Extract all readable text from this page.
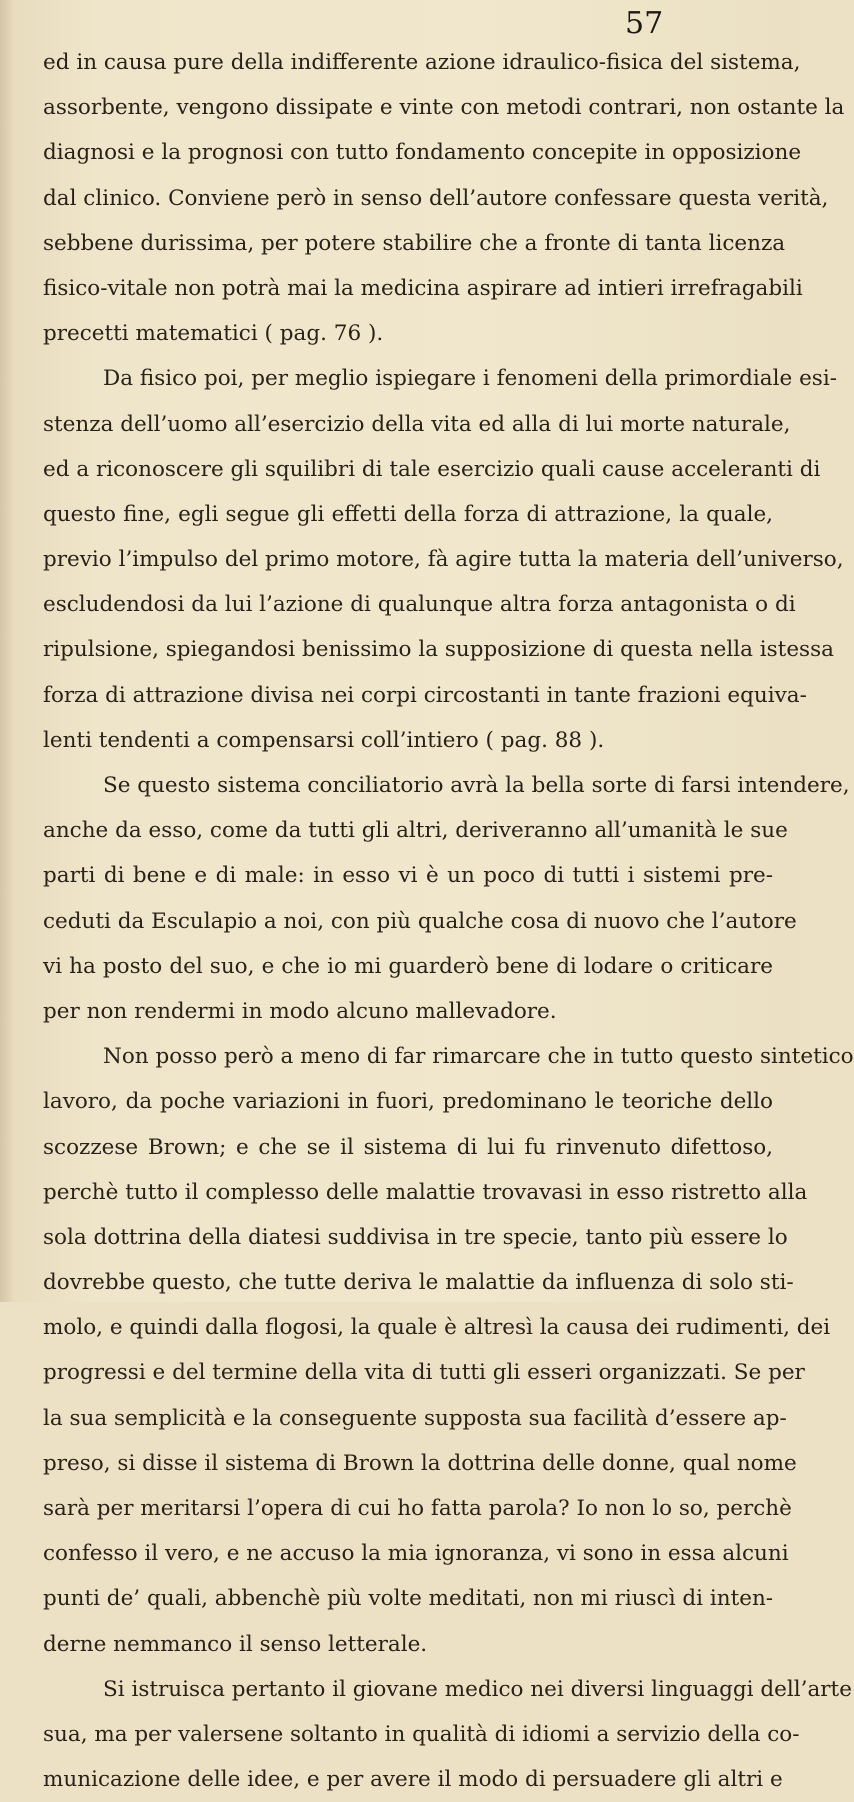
57
ed in causa pure della indifferente azione idraulico-fisica del sistema,
assorbente, vengono dissipate e vinte con metodi contrari, non ostante la
diagnosi e la prognosi con tutto fondamento concepite in opposizione
dal clinico. Conviene però in senso dell’autore confessare questa verità,
sebbene durissima, per potere stabilire che a fronte di tanta licenza
fisico-vitale non potrà mai la medicina aspirare ad intieri irrefragabili
precetti matematici ( pag. 76 ).
Da fisico poi, per meglio ispiegare i fenomeni della primordiale esi-
stenza dell’uomo all’esercizio della vita ed alla di lui morte naturale,
ed a riconoscere gli squilibri di tale esercizio quali cause acceleranti di
questo fine, egli segue gli effetti della forza di attrazione, la quale,
previo l’impulso del primo motore, fà agire tutta la materia dell’universo,
escludendosi da lui l’azione di qualunque altra forza antagonista o di
ripulsione, spiegandosi benissimo la supposizione di questa nella istessa
forza di attrazione divisa nei corpi circostanti in tante frazioni equiva-
lenti tendenti a compensarsi coll’intiero ( pag. 88 ).
Se questo sistema conciliatorio avrà la bella sorte di farsi intendere,
anche da esso, come da tutti gli altri, deriveranno all’umanità le sue
parti di bene e di male: in esso vi è un poco di tutti i sistemi pre-
ceduti da Esculapio a noi, con più qualche cosa di nuovo che l’autore
vi ha posto del suo, e che io mi guarderò bene di lodare o criticare
per non rendermi in modo alcuno mallevadore.
Non posso però a meno di far rimarcare che in tutto questo sintetico
lavoro, da poche variazioni in fuori, predominano le teoriche dello
scozzese Brown; e che se il sistema di lui fu rinvenuto difettoso,
perchè tutto il complesso delle malattie trovavasi in esso ristretto alla
sola dottrina della diatesi suddivisa in tre specie, tanto più essere lo
dovrebbe questo, che tutte deriva le malattie da influenza di solo sti-
molo, e quindi dalla flogosi, la quale è altresì la causa dei rudimenti, dei
progressi e del termine della vita di tutti gli esseri organizzati. Se per
la sua semplicità e la conseguente supposta sua facilità d’essere ap-
preso, si disse il sistema di Brown la dottrina delle donne, qual nome
sarà per meritarsi l’opera di cui ho fatta parola? Io non lo so, perchè
confesso il vero, e ne accuso la mia ignoranza, vi sono in essa alcuni
punti de’ quali, abbenchè più volte meditati, non mi riuscì di inten-
derne nemmanco il senso letterale.
Si istruisca pertanto il giovane medico nei diversi linguaggi dell’arte
sua, ma per valersene soltanto in qualità di idiomi a servizio della co-
municazione delle idee, e per avere il modo di persuadere gli altri e
